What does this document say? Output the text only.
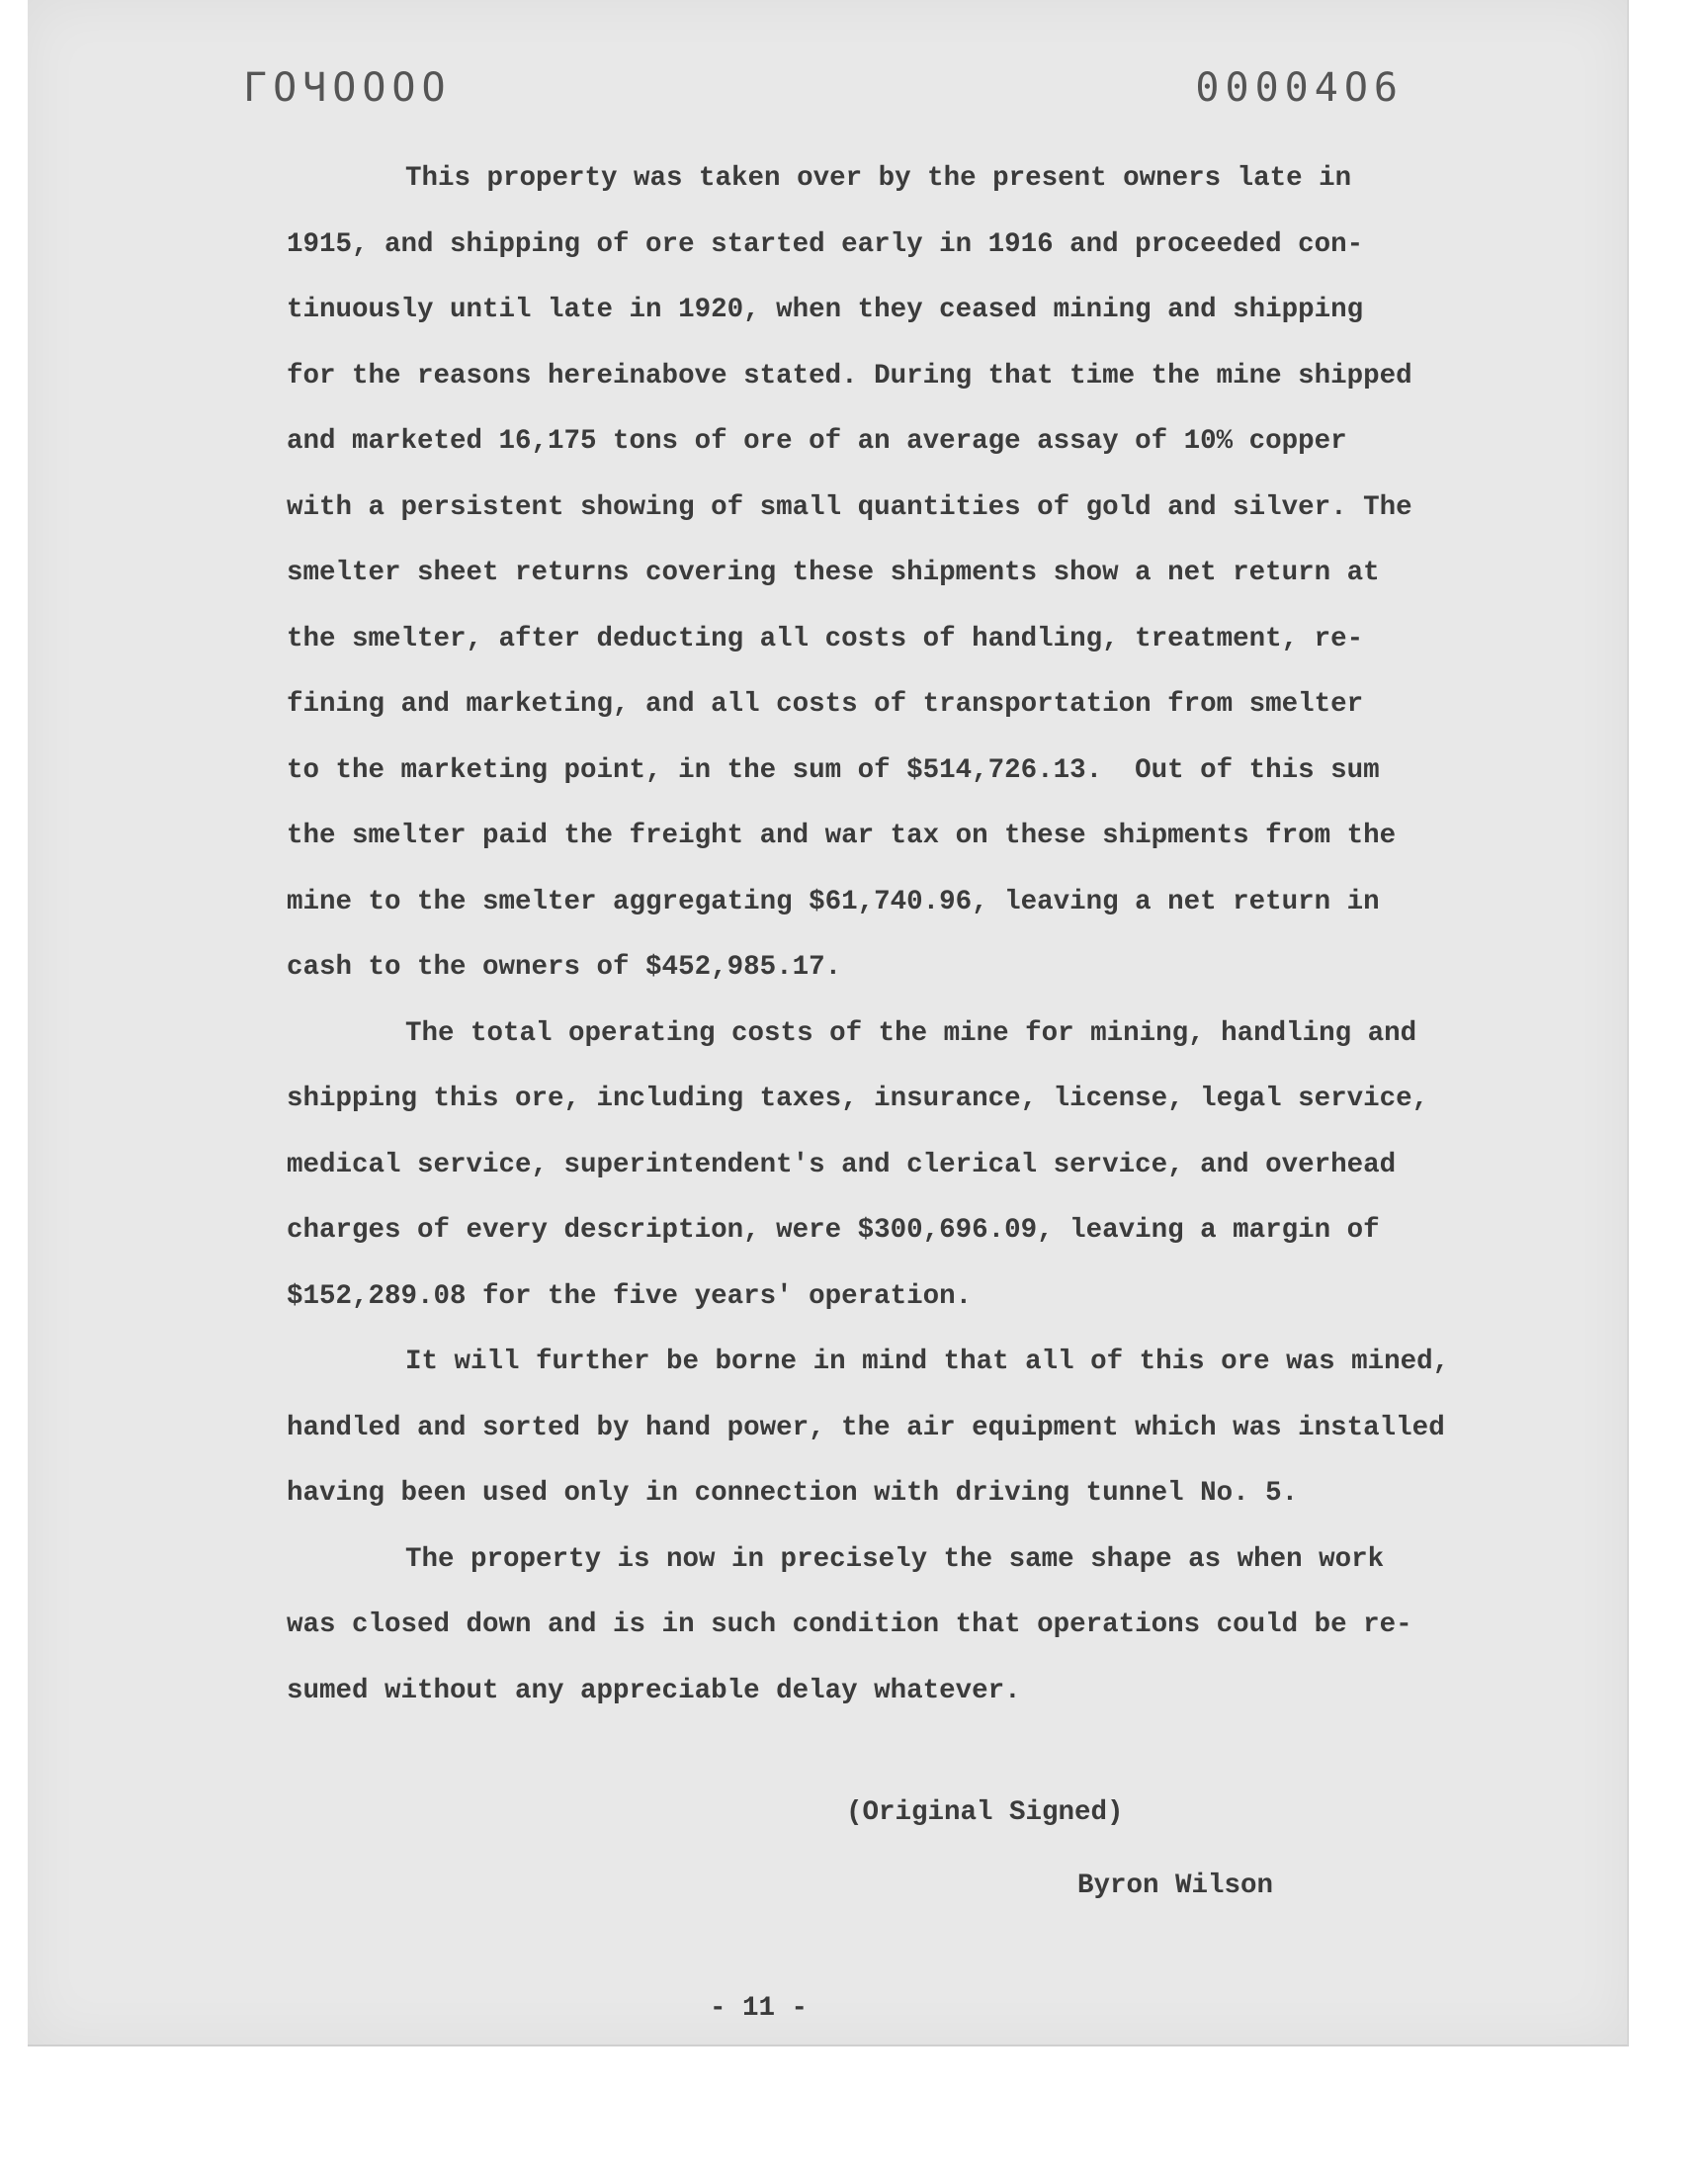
ΓOЧOOOO	00004O6
This property was taken over by the present owners late in
1915, and shipping of ore started early in 1916 and proceeded con-
tinuously until late in 1920, when they ceased mining and shipping
for the reasons hereinabove stated. During that time the mine shipped
and marketed 16,175 tons of ore of an average assay of 10% copper
with a persistent showing of small quantities of gold and silver. The
smelter sheet returns covering these shipments show a net return at
the smelter, after deducting all costs of handling, treatment, re-
fining and marketing, and all costs of transportation from smelter
to the marketing point, in the sum of $514,726.13.  Out of this sum
the smelter paid the freight and war tax on these shipments from the
mine to the smelter aggregating $61,740.96, leaving a net return in
cash to the owners of $452,985.17.
The total operating costs of the mine for mining, handling and
shipping this ore, including taxes, insurance, license, legal service,
medical service, superintendent's and clerical service, and overhead
charges of every description, were $300,696.09, leaving a margin of
$152,289.08 for the five years' operation.
It will further be borne in mind that all of this ore was mined,
handled and sorted by hand power, the air equipment which was installed
having been used only in connection with driving tunnel No. 5.
The property is now in precisely the same shape as when work
was closed down and is in such condition that operations could be re-
sumed without any appreciable delay whatever.
(Original Signed)
Byron Wilson
- 11 -
